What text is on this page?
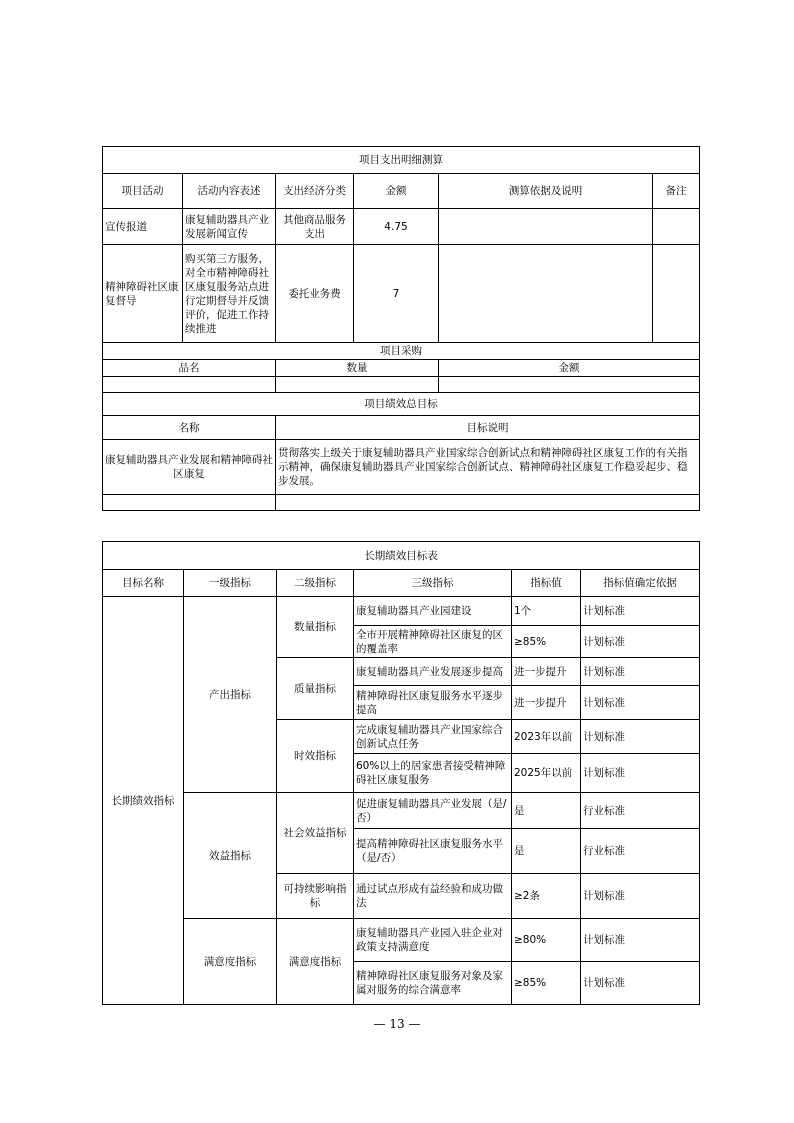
项目支出明细测算					
项目活动	活动内容表述	支出经济分类	金额	测算依据及说明	备注
宣传报道	康复辅助器具产业发展新闻宣传	其他商品服务支出	4.75		
精神障碍社区康复督导	购买第三方服务，对全市精神障碍社区康复服务站点进行定期督导并反馈评价，促进工作持续推进	委托业务费	7		
项目采购					
品名		数量		金额	

项目绩效总目标					
名称		目标说明			
康复辅助器具产业发展和精神障碍社区康复		贯彻落实上级关于康复辅助器具产业国家综合创新试点和精神障碍社区康复工作的有关指示精神，确保康复辅助器具产业国家综合创新试点、精神障碍社区康复工作稳妥起步、稳步发展。			

长期绩效目标表					
目标名称	一级指标	二级指标	三级指标	指标值	指标值确定依据
长期绩效指标	产出指标	数量指标	康复辅助器具产业园建设	1个	计划标准
			全市开展精神障碍社区康复的区的覆盖率	≥85%	计划标准
		质量指标	康复辅助器具产业发展逐步提高	进一步提升	计划标准
			精神障碍社区康复服务水平逐步提高	进一步提升	计划标准
		时效指标	完成康复辅助器具产业国家综合创新试点任务	2023年以前	计划标准
			60%以上的居家患者接受精神障碍社区康复服务	2025年以前	计划标准
	效益指标	社会效益指标	促进康复辅助器具产业发展（是/否）	是	行业标准
			提高精神障碍社区康复服务水平（是/否）	是	行业标准
		可持续影响指标	通过试点形成有益经验和成功做法	≥2条	计划标准
	满意度指标	满意度指标	康复辅助器具产业园入驻企业对政策支持满意度	≥80%	计划标准
			精神障碍社区康复服务对象及家属对服务的综合满意率	≥85%	计划标准
— 13 —
